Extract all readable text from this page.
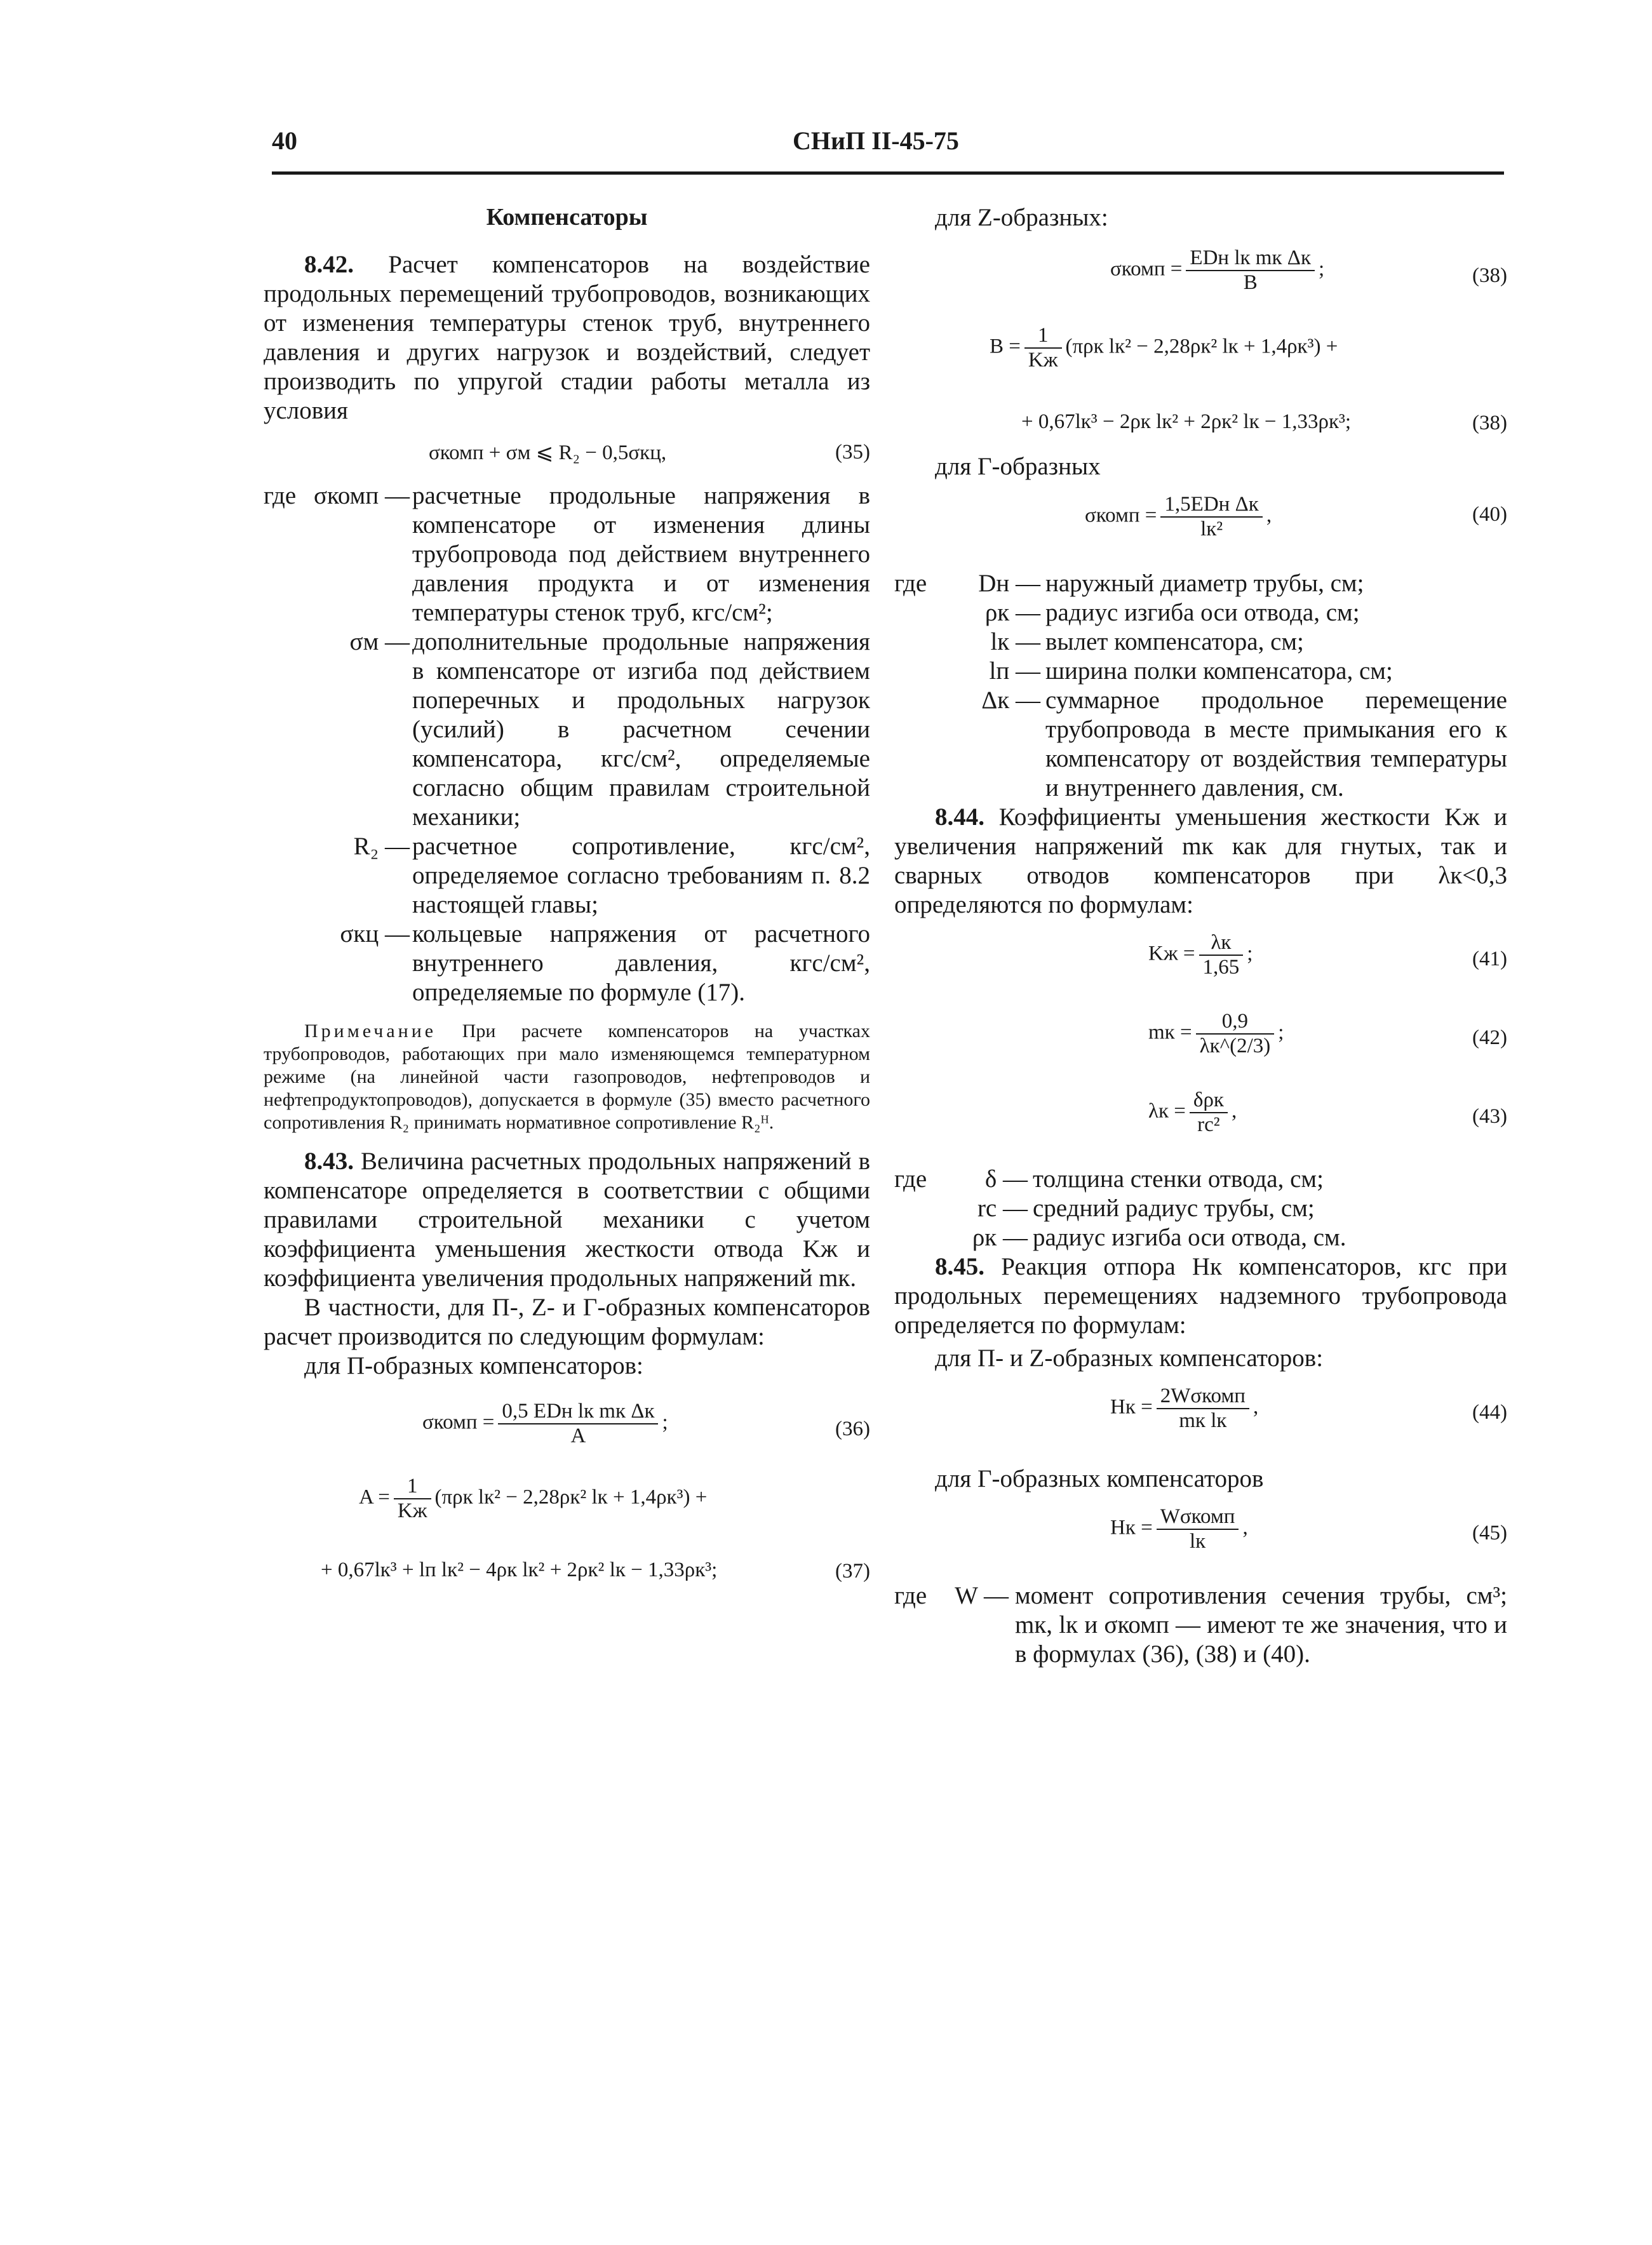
40	СНиП II-45-75
Компенсаторы

8.42. Расчет компенсаторов на воздействие продольных перемещений трубопроводов, возникающих от изменения температуры стенок труб, внутреннего давления и других нагрузок и воздействий, следует производить по упругой стадии работы металла из условия

σкомп + σм ⩽ R₂ − 0,5σкц,	(35)
где σкомп — расчетные продольные напряжения в компенсаторе от изменения длины трубопровода под действием внутреннего давления продукта и от изменения температуры стенок труб, кгс/см²;
σм — дополнительные продольные напряжения в компенсаторе от изгиба под действием поперечных и продольных нагрузок (усилий) в расчетном сечении компенсатора, кгс/см², определяемые согласно общим правилам строительной механики;
R₂ — расчетное сопротивление, кгс/см², определяемое согласно требованиям п. 8.2 настоящей главы;
σкц — кольцевые напряжения от расчетного внутреннего давления, кгс/см², определяемые по формуле (17).
Примечание При расчете компенсаторов на участках трубопроводов, работающих при мало изменяющемся температурном режиме (на линейной части газопроводов, нефтепроводов и нефтепродуктопроводов), допускается в формуле (35) вместо расчетного сопротивления R₂ принимать нормативное сопротивление R₂ᴴ.

8.43. Величина расчетных продольных напряжений в компенсаторе определяется в соответствии с общими правилами строительной механики с учетом коэффициента уменьшения жесткости отвода Kж и коэффициента увеличения продольных напряжений mк.

В частности, для П-, Z- и Г-образных компенсаторов расчет производится по следующим формулам:

для П-образных компенсаторов:

σкомп = $\frac{\text{0,5 EDн lк mк Δк}}{A}$ ;	(36)
$A = \frac{1}{Kж} (\pi\rho к$ lк² − 2,28ρк² lк + 1,4ρк³) +
+ 0,67lк³ + lп lк² − 4ρк lк² + 2ρк² lк − 1,33ρк³;	(37)

для Z-образных:

σкомп = $\frac{\text{EDн lк mк Δк}}{B}$ ;	(38)
$B = \frac{1}{Kж} (\pi\rho к$ lк² − 2,28ρк² lк + 1,4ρк³) +
+ 0,67lк³ − 2ρк lк² + 2ρк² lк − 1,33ρк³;	(38)

для Г-образных

σкомп = $\frac{\text{1,5EDн Δк}}{\text{lк²}}$ ,	(40)
где	Dн — наружный диаметр трубы, см;
ρк — радиус изгиба оси отвода, см;
lк — вылет компенсатора, см;
lп — ширина полки компенсатора, см;
Δк — суммарное продольное перемещение трубопровода в месте примыкания его к компенсатору от воздействия температуры и внутреннего давления, см.

8.44. Коэффициенты уменьшения жесткости Kж и увеличения напряжений mк как для гнутых, так и сварных отводов компенсаторов при λк<0,3 определяются по формулам:

Kж = $\frac{\lambda к}{1,65}$ ;	(41)
mк = $\frac{0,9}{\lambda к\^{}(2/3)}$ ;	(42)
$\lambda к = \frac{\text{δρк}}{\text{rс²}}$ ,	(43)
где	δ — толщина стенки отвода, см;
rс — средний радиус трубы, см;
ρк — радиус изгиба оси отвода, см.

8.45. Реакция отпора Hк компенсаторов, кгс при продольных перемещениях надземного трубопровода определяется по формулам:

для П- и Z-образных компенсаторов:

Hк = $\frac{\text{2Wσкомп}}{\text{mк lк}}$ ,	(44)

для Г-образных компенсаторов

Hк = $\frac{\text{Wσкомп}}{lк}$ ,	(45)
где W — момент сопротивления сечения трубы, см³; mк, lк и σкомп — имеют те же значения, что и в формулах (36), (38) и (40).
